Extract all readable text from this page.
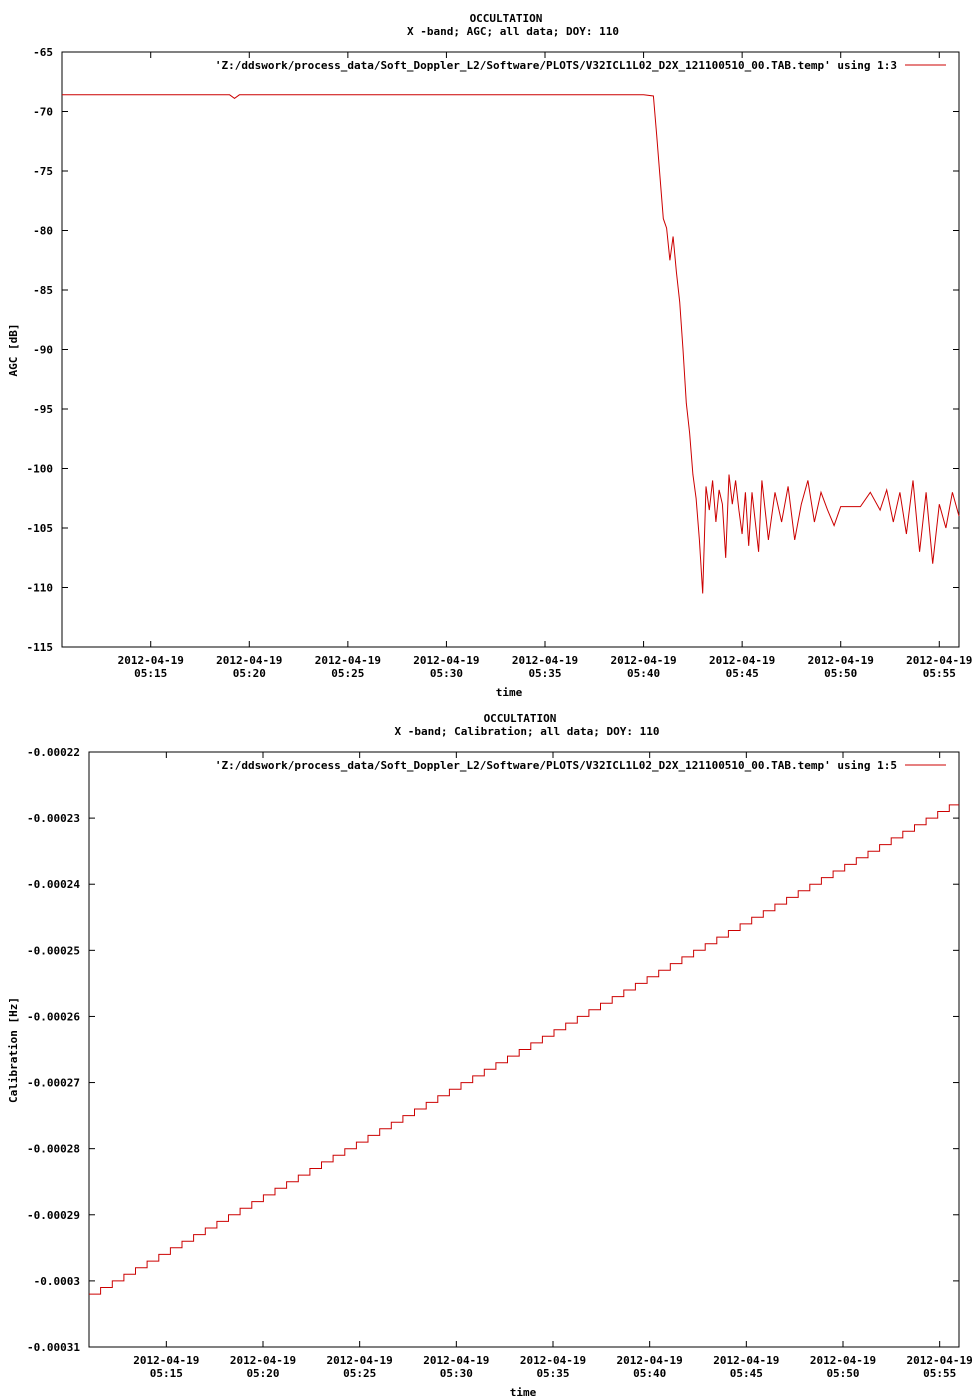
OCCULTATION
X -band; AGC; all data; DOY: 110
AGC [dB]
time
'Z:/ddswork/process_data/Soft_Doppler_L2/Software/PLOTS/V32ICL1L02_D2X_121100510_00.TAB.temp' using 1:3
-65
-70
-75
-80
-85
-90
-95
-100
-105
-110
-115
2012-04-19
05:15
2012-04-19
05:20
2012-04-19
05:25
2012-04-19
05:30
2012-04-19
05:35
2012-04-19
05:40
2012-04-19
05:45
2012-04-19
05:50
2012-04-19
05:55
OCCULTATION
X -band; Calibration; all data; DOY: 110
Calibration [Hz]
time
'Z:/ddswork/process_data/Soft_Doppler_L2/Software/PLOTS/V32ICL1L02_D2X_121100510_00.TAB.temp' using 1:5
-0.00022
-0.00023
-0.00024
-0.00025
-0.00026
-0.00027
-0.00028
-0.00029
-0.0003
-0.00031
2012-04-19
05:15
2012-04-19
05:20
2012-04-19
05:25
2012-04-19
05:30
2012-04-19
05:35
2012-04-19
05:40
2012-04-19
05:45
2012-04-19
05:50
2012-04-19
05:55
